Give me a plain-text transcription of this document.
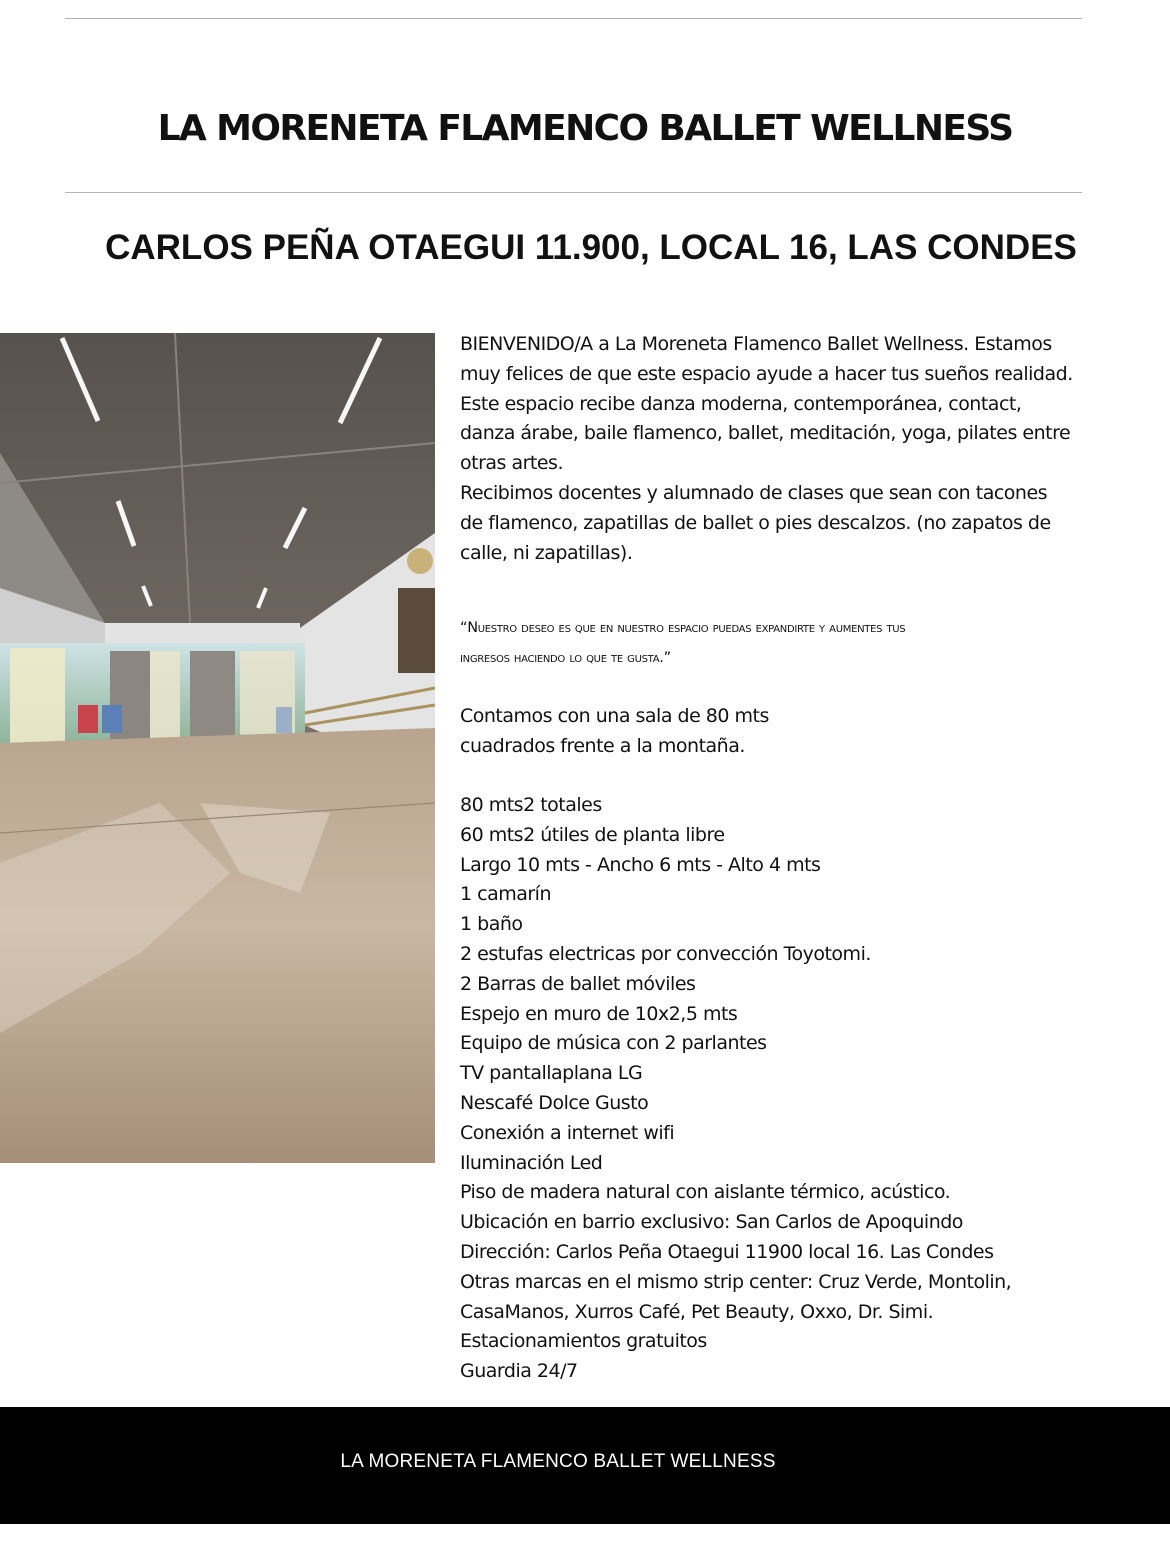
LA MORENETA FLAMENCO BALLET WELLNESS
CARLOS PEÑA OTAEGUI 11.900, LOCAL 16, LAS CONDES

BIENVENIDO/A a La Moreneta Flamenco Ballet Wellness. Estamos
muy felices de que este espacio ayude a hacer tus sueños realidad.
Este espacio recibe danza moderna, contemporánea, contact,
danza árabe, baile flamenco, ballet, meditación, yoga, pilates entre
otras artes.
Recibimos docentes y alumnado de clases que sean con tacones
de flamenco, zapatillas de ballet o pies descalzos. (no zapatos de
calle, ni zapatillas).

“Nuestro deseo es que en nuestro espacio puedas expandirte y aumentes tus
ingresos haciendo lo que te gusta.”

Contamos con una sala de 80 mts
cuadrados frente a la montaña.

80 mts2 totales
60 mts2 útiles de planta libre
Largo 10 mts - Ancho 6 mts - Alto 4 mts
1 camarín
1 baño
2 estufas electricas por convección Toyotomi.
2 Barras de ballet móviles
Espejo en muro de 10x2,5 mts
Equipo de música con 2 parlantes
TV pantallaplana LG
Nescafé Dolce Gusto
Conexión a internet wifi
Iluminación Led
Piso de madera natural con aislante térmico, acústico.
Ubicación en barrio exclusivo: San Carlos de Apoquindo
Dirección: Carlos Peña Otaegui 11900 local 16. Las Condes
Otras marcas en el mismo strip center: Cruz Verde, Montolin,
CasaManos, Xurros Café, Pet Beauty, Oxxo, Dr. Simi.
Estacionamientos gratuitos
Guardia 24/7
LA MORENETA FLAMENCO BALLET WELLNESS
